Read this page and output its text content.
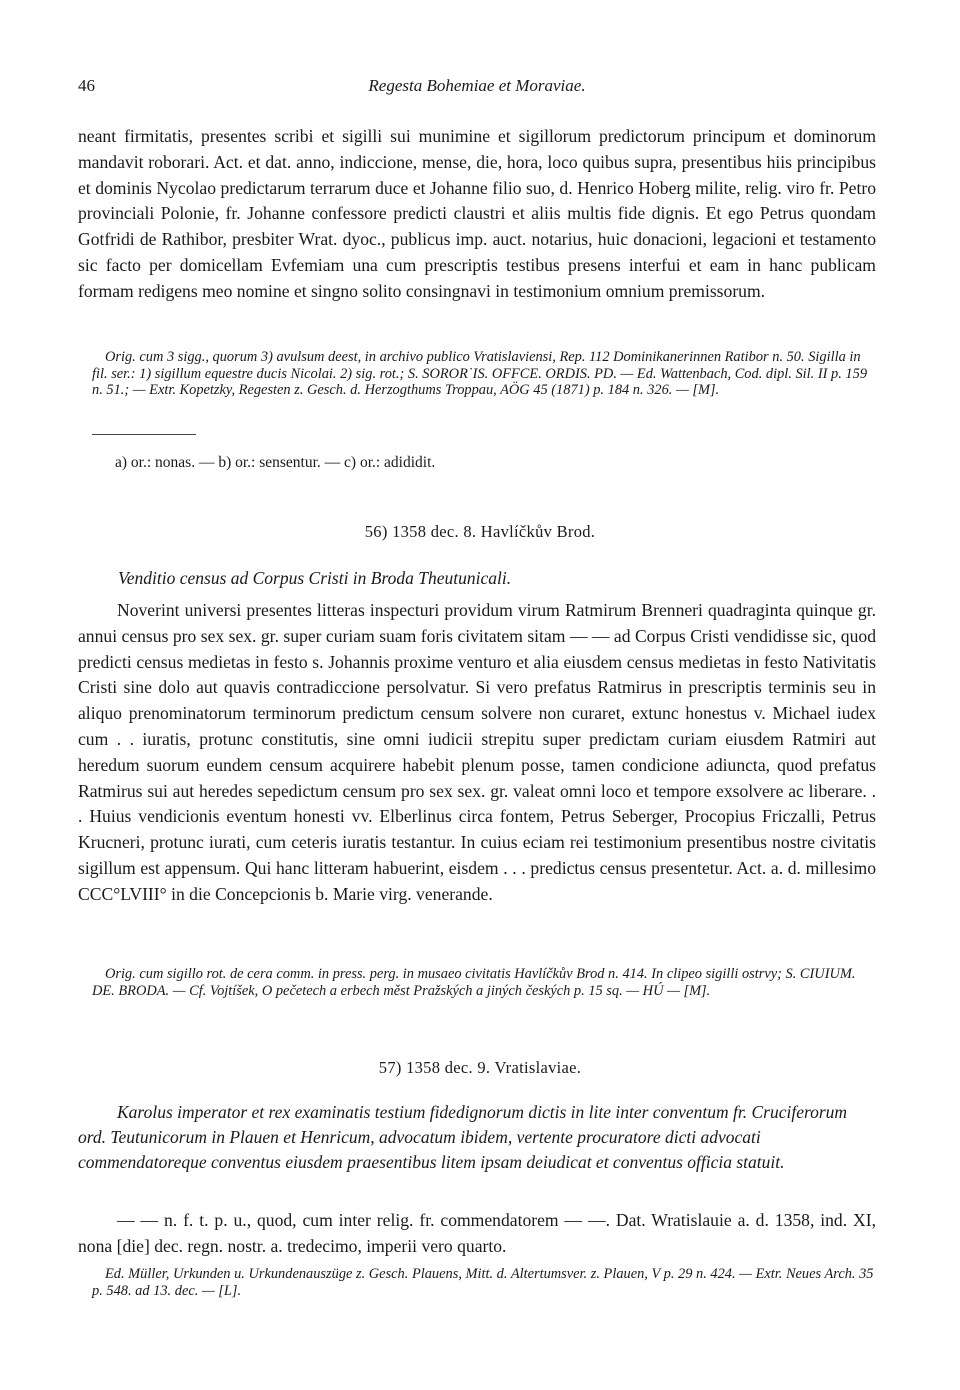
46	Regesta Bohemiae et Moraviae.

neant firmitatis, presentes scribi et sigilli sui munimine et sigillorum predictorum principum et dominorum mandavit roborari. Act. et dat. anno, indiccione, mense, die, hora, loco quibus supra, presentibus hiis principibus et dominis Nycolao predictarum terrarum duce et Johanne filio suo, d. Henrico Hoberg milite, relig. viro fr. Petro provinciali Polonie, fr. Johanne confessore predicti claustri et aliis multis fide dignis. Et ego Petrus quondam Gotfridi de Rathibor, presbiter Wrat. dyoc., publicus imp. auct. notarius, huic donacioni, legacioni et testamento sic facto per domicellam Evfemiam una cum prescriptis testibus presens interfui et eam in hanc publicam formam redigens meo nomine et singno solito consingnavi in testimonium omnium premissorum.

Orig. cum 3 sigg., quorum 3) avulsum deest, in archivo publico Vratislaviensi, Rep. 112 Dominikanerinnen Ratibor n. 50. Sigilla in fil. ser.: 1) sigillum equestre ducis Nicolai. 2) sig. rot.; S. SOROR˙IS. OFFCE. ORDIS. PD. — Ed. Wattenbach, Cod. dipl. Sil. II p. 159 n. 51.; — Extr. Kopetzky, Regesten z. Gesch. d. Herzogthums Troppau, AÖG 45 (1871) p. 184 n. 326. — [M].

a) or.: nonas. — b) or.: sensentur. — c) or.: adididit.
56) 1358 dec. 8. Havlíčkův Brod.
Venditio census ad Corpus Cristi in Broda Theutunicali.

Noverint universi presentes litteras inspecturi providum virum Ratmirum Brenneri quadraginta quinque gr. annui census pro sex sex. gr. super curiam suam foris civitatem sitam — — ad Corpus Cristi vendidisse sic, quod predicti census medietas in festo s. Johannis proxime venturo et alia eiusdem census medietas in festo Nativitatis Cristi sine dolo aut quavis contradiccione persolvatur. Si vero prefatus Ratmirus in prescriptis terminis seu in aliquo prenominatorum terminorum predictum censum solvere non curaret, extunc honestus v. Michael iudex cum . . iuratis, protunc constitutis, sine omni iudicii strepitu super predictam curiam eiusdem Ratmiri aut heredum suorum eundem censum acquirere habebit plenum posse, tamen condicione adiuncta, quod prefatus Ratmirus sui aut heredes sepedictum censum pro sex sex. gr. valeat omni loco et tempore exsolvere ac liberare. . . Huius vendicionis eventum honesti vv. Elberlinus circa fontem, Petrus Seberger, Procopius Friczalli, Petrus Krucneri, protunc iurati, cum ceteris iuratis testantur. In cuius eciam rei testimonium presentibus nostre civitatis sigillum est appensum. Qui hanc litteram habuerint, eisdem . . . predictus census presentetur. Act. a. d. millesimo CCC°LVIII° in die Concepcionis b. Marie virg. venerande.

Orig. cum sigillo rot. de cera comm. in press. perg. in musaeo civitatis Havlíčkův Brod n. 414. In clipeo sigilli ostrvy; S. CIUIUM. DE. BRODA. — Cf. Vojtíšek, O pečetech a erbech měst Pražských a jiných českých p. 15 sq. — HÚ — [M].

57) 1358 dec. 9. Vratislaviae.
Karolus imperator et rex examinatis testium fidedignorum dictis in lite inter conventum fr. Cruciferorum ord. Teutunicorum in Plauen et Henricum, advocatum ibidem, vertente procuratore dicti advocati commendatoreque conventus eiusdem praesentibus litem ipsam deiudicat et conventus officia statuit.

— — n. f. t. p. u., quod, cum inter relig. fr. commendatorem — —. Dat. Wratislauie a. d. 1358, ind. XI, nona [die] dec. regn. nostr. a. tredecimo, imperii vero quarto.

Ed. Müller, Urkunden u. Urkundenauszüge z. Gesch. Plauens, Mitt. d. Altertumsver. z. Plauen, V p. 29 n. 424. — Extr. Neues Arch. 35 p. 548. ad 13. dec. — [L].
